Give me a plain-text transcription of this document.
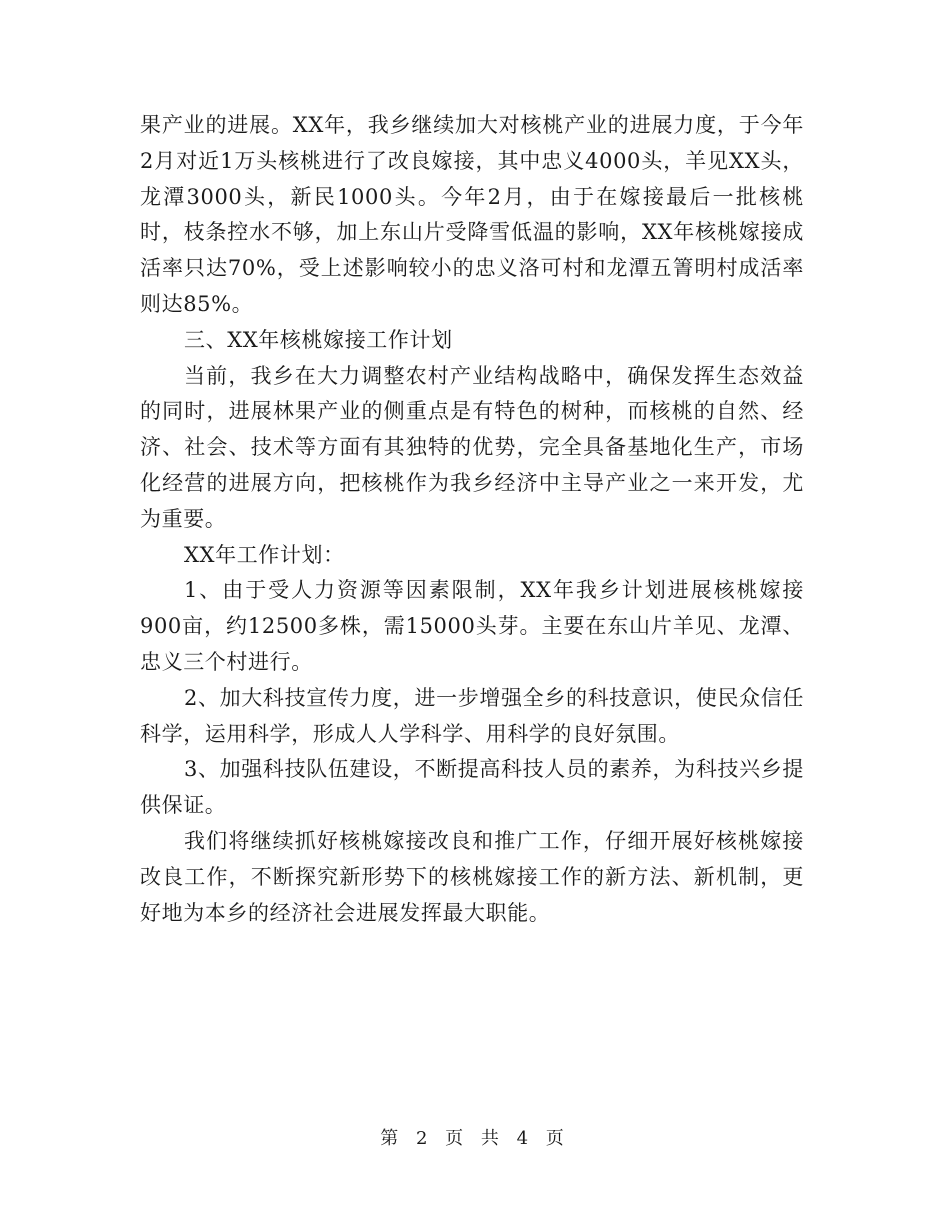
果产业的进展。XX年，我乡继续加大对核桃产业的进展力度，于今年2月对近1万头核桃进行了改良嫁接，其中忠义4000头，羊见XX头，龙潭3000头，新民1000头。今年2月，由于在嫁接最后一批核桃时，枝条控水不够，加上东山片受降雪低温的影响，XX年核桃嫁接成活率只达70%，受上述影响较小的忠义洛可村和龙潭五箐明村成活率则达85%。

三、XX年核桃嫁接工作计划

当前，我乡在大力调整农村产业结构战略中，确保发挥生态效益的同时，进展林果产业的侧重点是有特色的树种，而核桃的自然、经济、社会、技术等方面有其独特的优势，完全具备基地化生产，市场化经营的进展方向，把核桃作为我乡经济中主导产业之一来开发，尤为重要。

XX年工作计划：

1、由于受人力资源等因素限制，XX年我乡计划进展核桃嫁接900亩，约12500多株，需15000头芽。主要在东山片羊见、龙潭、忠义三个村进行。

2、加大科技宣传力度，进一步增强全乡的科技意识，使民众信任科学，运用科学，形成人人学科学、用科学的良好氛围。

3、加强科技队伍建设，不断提高科技人员的素养，为科技兴乡提供保证。

我们将继续抓好核桃嫁接改良和推广工作，仔细开展好核桃嫁接改良工作，不断探究新形势下的核桃嫁接工作的新方法、新机制，更好地为本乡的经济社会进展发挥最大职能。

第 2 页 共 4 页
